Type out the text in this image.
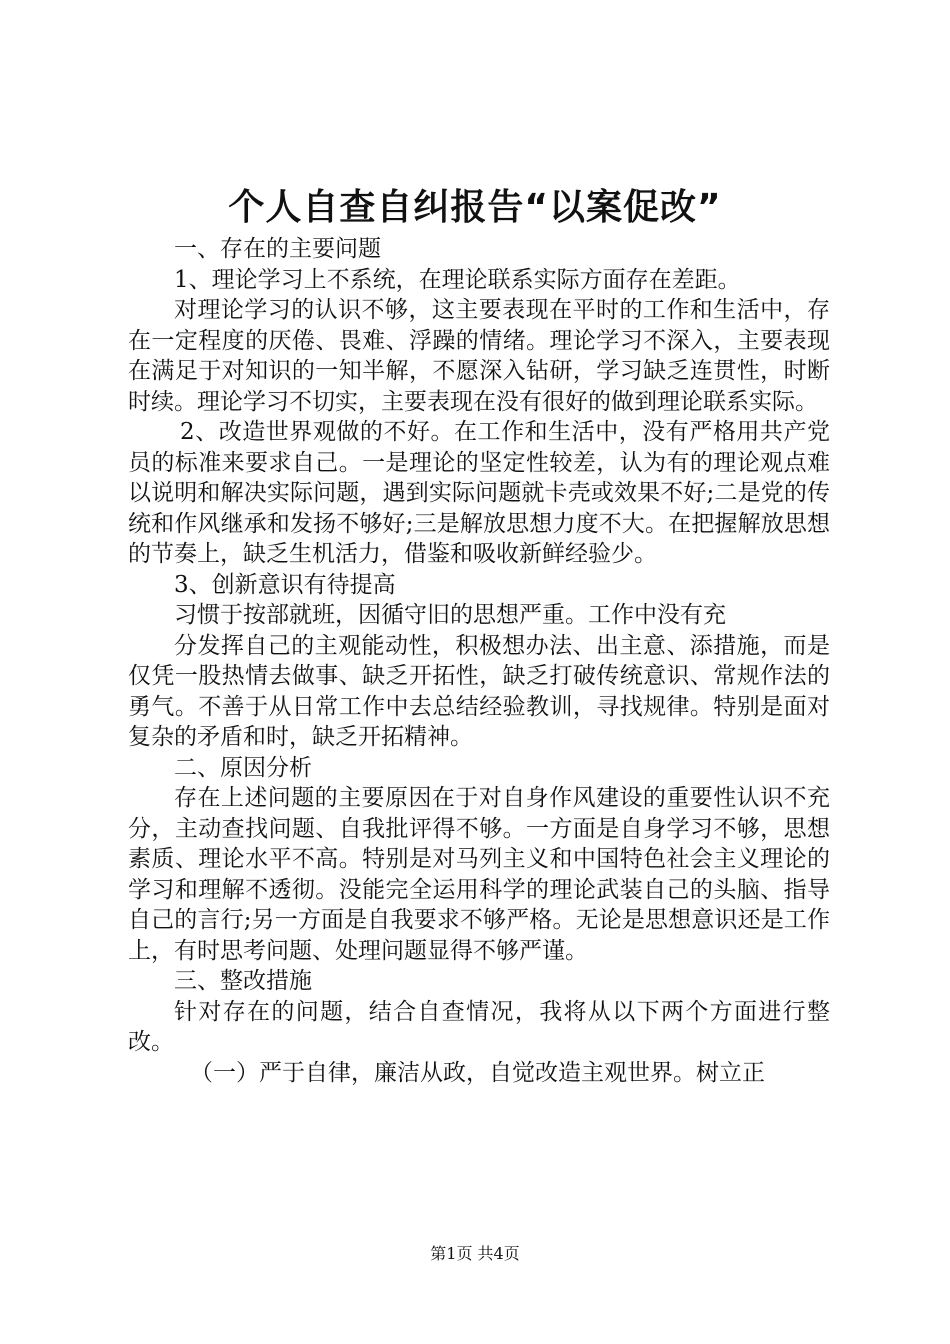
个人自查自纠报告“以案促改”

一、存在的主要问题

1、理论学习上不系统，在理论联系实际方面存在差距。

对理论学习的认识不够，这主要表现在平时的工作和生活中，存在一定程度的厌倦、畏难、浮躁的情绪。理论学习不深入，主要表现在满足于对知识的一知半解，不愿深入钻研，学习缺乏连贯性，时断时续。理论学习不切实，主要表现在没有很好的做到理论联系实际。

2、改造世界观做的不好。在工作和生活中，没有严格用共产党员的标准来要求自己。一是理论的坚定性较差，认为有的理论观点难以说明和解决实际问题，遇到实际问题就卡壳或效果不好;二是党的传统和作风继承和发扬不够好;三是解放思想力度不大。在把握解放思想的节奏上，缺乏生机活力，借鉴和吸收新鲜经验少。

3、创新意识有待提高

习惯于按部就班，因循守旧的思想严重。工作中没有充

分发挥自己的主观能动性，积极想办法、出主意、添措施，而是仅凭一股热情去做事、缺乏开拓性，缺乏打破传统意识、常规作法的勇气。不善于从日常工作中去总结经验教训，寻找规律。特别是面对复杂的矛盾和时，缺乏开拓精神。

二、原因分析

存在上述问题的主要原因在于对自身作风建设的重要性认识不充分，主动查找问题、自我批评得不够。一方面是自身学习不够，思想素质、理论水平不高。特别是对马列主义和中国特色社会主义理论的学习和理解不透彻。没能完全运用科学的理论武装自己的头脑、指导自己的言行;另一方面是自我要求不够严格。无论是思想意识还是工作上，有时思考问题、处理问题显得不够严谨。

三、整改措施

针对存在的问题，结合自查情况，我将从以下两个方面进行整改。

（一）严于自律，廉洁从政，自觉改造主观世界。树立正

第1页 共4页
